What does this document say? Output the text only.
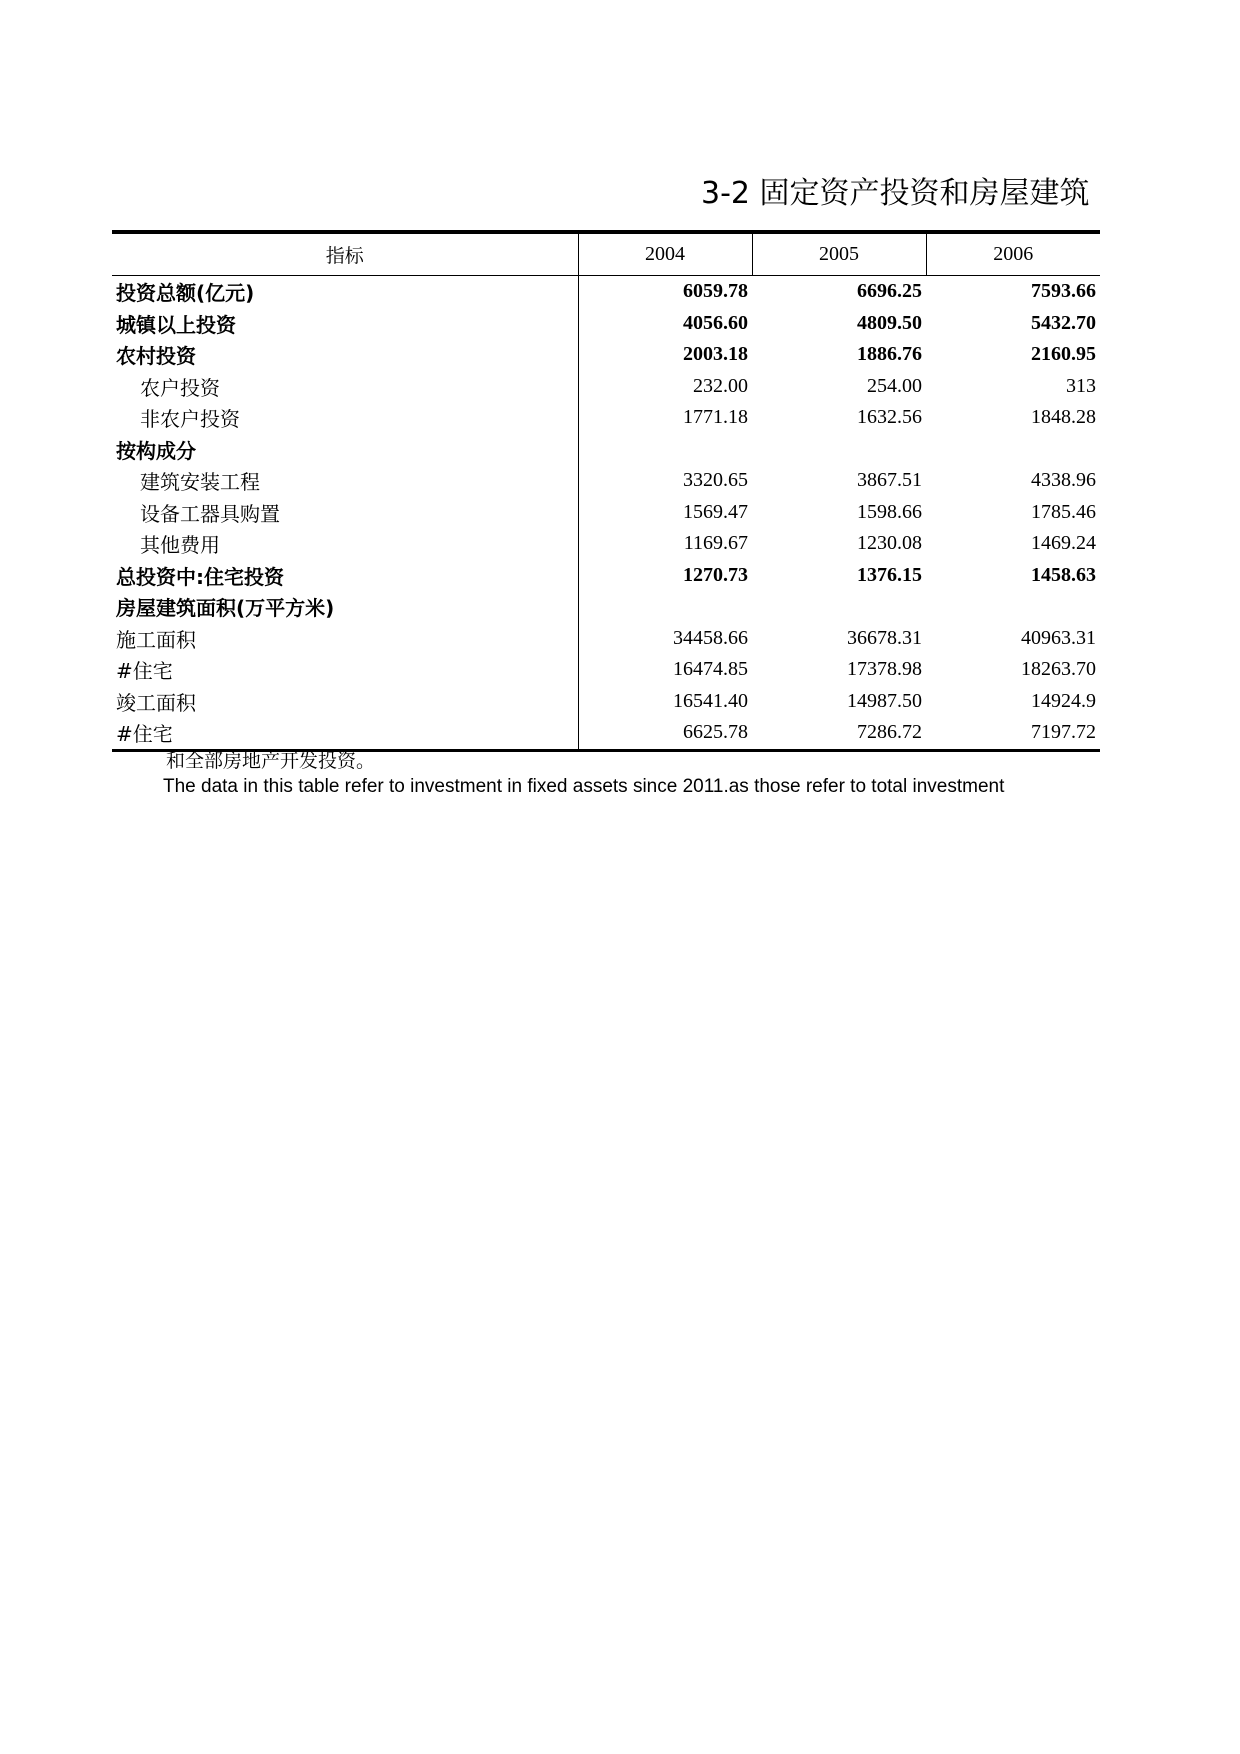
3-2 固定资产投资和房屋建筑
指标	2004	2005	2006
投资总额(亿元)	6059.78	6696.25	7593.66
城镇以上投资	4056.60	4809.50	5432.70
农村投资	2003.18	1886.76	2160.95
农户投资	232.00	254.00	313
非农户投资	1771.18	1632.56	1848.28
按构成分			
建筑安装工程	3320.65	3867.51	4338.96
设备工器具购置	1569.47	1598.66	1785.46
其他费用	1169.67	1230.08	1469.24
总投资中:住宅投资	1270.73	1376.15	1458.63
房屋建筑面积(万平方米)			
施工面积	34458.66	36678.31	40963.31
#住宅	16474.85	17378.98	18263.70
竣工面积	16541.40	14987.50	14924.9
#住宅	6625.78	7286.72	7197.72
和全部房地产开发投资。
The data in this table refer to investment in fixed assets since 2011.as those refer to total investment
